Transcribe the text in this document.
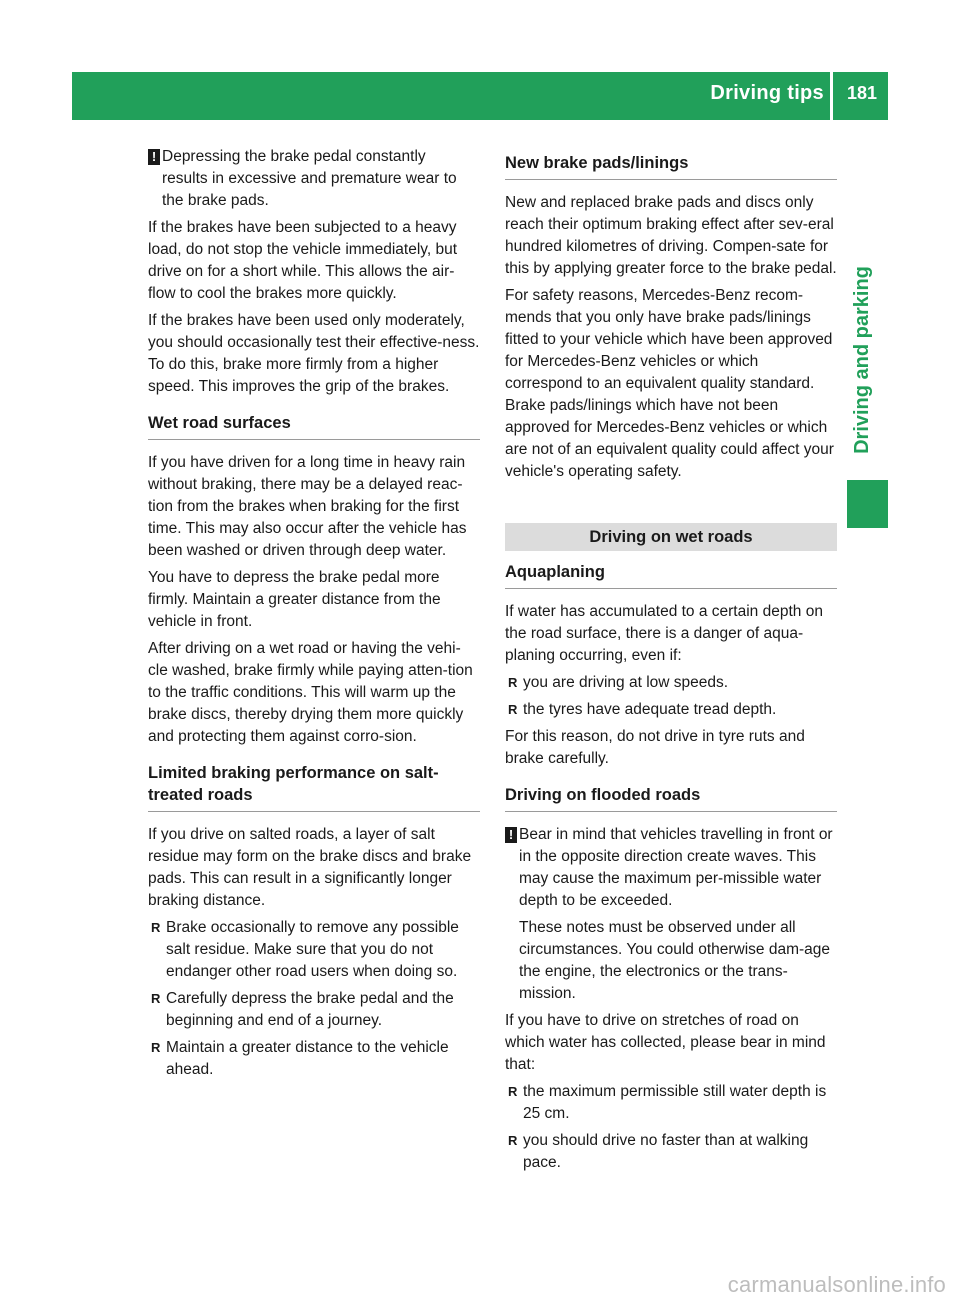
Driving tips	181
Driving and parking
! Depressing the brake pedal constantly
results in excessive and premature wear to
the brake pads.

If the brakes have been subjected to a heavy load, do not stop the vehicle immediately, but drive on for a short while. This allows the air-flow to cool the brakes more quickly.

If the brakes have been used only moderately, you should occasionally test their effective-ness. To do this, brake more firmly from a higher speed. This improves the grip of the brakes.

Wet road surfaces

If you have driven for a long time in heavy rain without braking, there may be a delayed reac-tion from the brakes when braking for the first time. This may also occur after the vehicle has been washed or driven through deep water.

You have to depress the brake pedal more firmly. Maintain a greater distance from the vehicle in front.

After driving on a wet road or having the vehi-cle washed, brake firmly while paying atten-tion to the traffic conditions. This will warm up the brake discs, thereby drying them more quickly and protecting them against corro-sion.

Limited braking performance on salt-treated roads

If you drive on salted roads, a layer of salt residue may form on the brake discs and brake pads. This can result in a significantly longer braking distance.

R Brake occasionally to remove any possible salt residue. Make sure that you do not endanger other road users when doing so.
R Carefully depress the brake pedal and the beginning and end of a journey.
R Maintain a greater distance to the vehicle ahead.
New brake pads/linings

New and replaced brake pads and discs only reach their optimum braking effect after sev-eral hundred kilometres of driving. Compen-sate for this by applying greater force to the brake pedal.

For safety reasons, Mercedes-Benz recom-mends that you only have brake pads/linings fitted to your vehicle which have been approved for Mercedes-Benz vehicles or which correspond to an equivalent quality standard. Brake pads/linings which have not been approved for Mercedes-Benz vehicles or which are not of an equivalent quality could affect your vehicle's operating safety.

Driving on wet roads
Aquaplaning

If water has accumulated to a certain depth on the road surface, there is a danger of aqua-planing occurring, even if:

R you are driving at low speeds.
R the tyres have adequate tread depth.

For this reason, do not drive in tyre ruts and brake carefully.

Driving on flooded roads
! Bear in mind that vehicles travelling in front or in the opposite direction create waves. This may cause the maximum per-missible water depth to be exceeded.

These notes must be observed under all circumstances. You could otherwise dam-age the engine, the electronics or the trans-mission.

If you have to drive on stretches of road on which water has collected, please bear in mind that:

R the maximum permissible still water depth is 25 cm.
R you should drive no faster than at walking pace.
carmanualsonline.info
